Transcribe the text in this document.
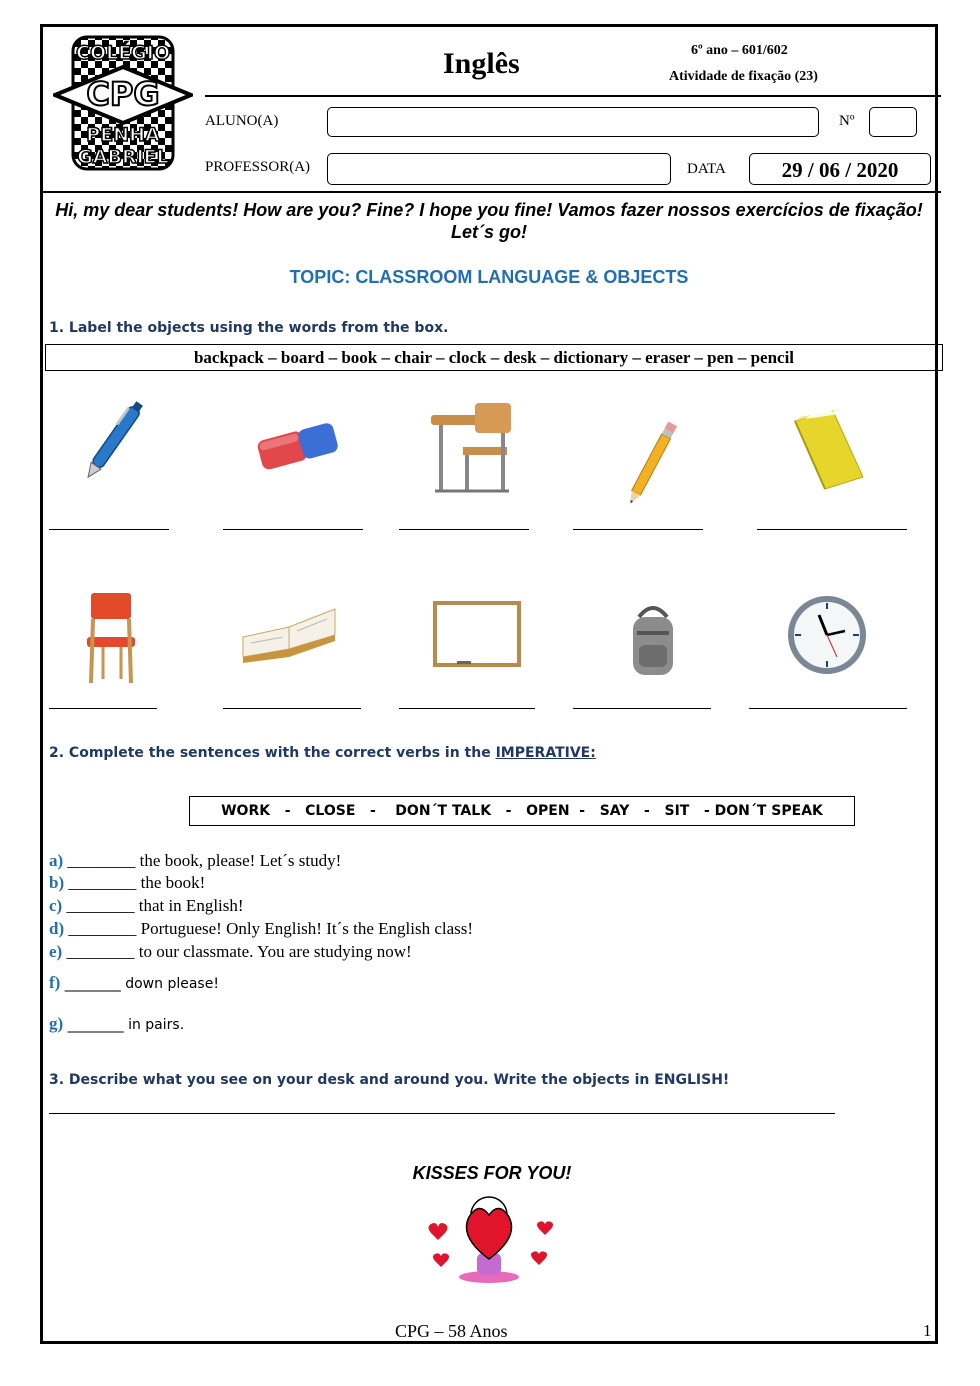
COLÉGIO
CPG
PENHA
GABRIEL
Inglês	6º ano – 601/602
Atividade de fixação (23)
ALUNO(A)	Nº
PROFESSOR(A)	DATA	29 / 06 / 2020
Hi, my dear students! How are you? Fine? I hope you fine! Vamos fazer nossos exercícios de fixação! Let´s go!
TOPIC: CLASSROOM LANGUAGE & OBJECTS
1. Label the objects using the words from the box.
backpack – board – book – chair – clock – desk – dictionary – eraser – pen – pencil
2. Complete the sentences with the correct verbs in the IMPERATIVE:
WORK   -   CLOSE   -    DON´T TALK   -   OPEN  -   SAY   -   SIT   - DON´T SPEAK
a) ________ the book, please! Let´s study!
b) ________ the book!
c) ________ that in English!
d) ________ Portuguese! Only English! It´s the English class!
e) ________ to our classmate. You are studying now!
f) ________ down please!
g) ________ in pairs.
3. Describe what you see on your desk and around you. Write the objects in ENGLISH!
KISSES FOR YOU!
CPG – 58 Anos	1
